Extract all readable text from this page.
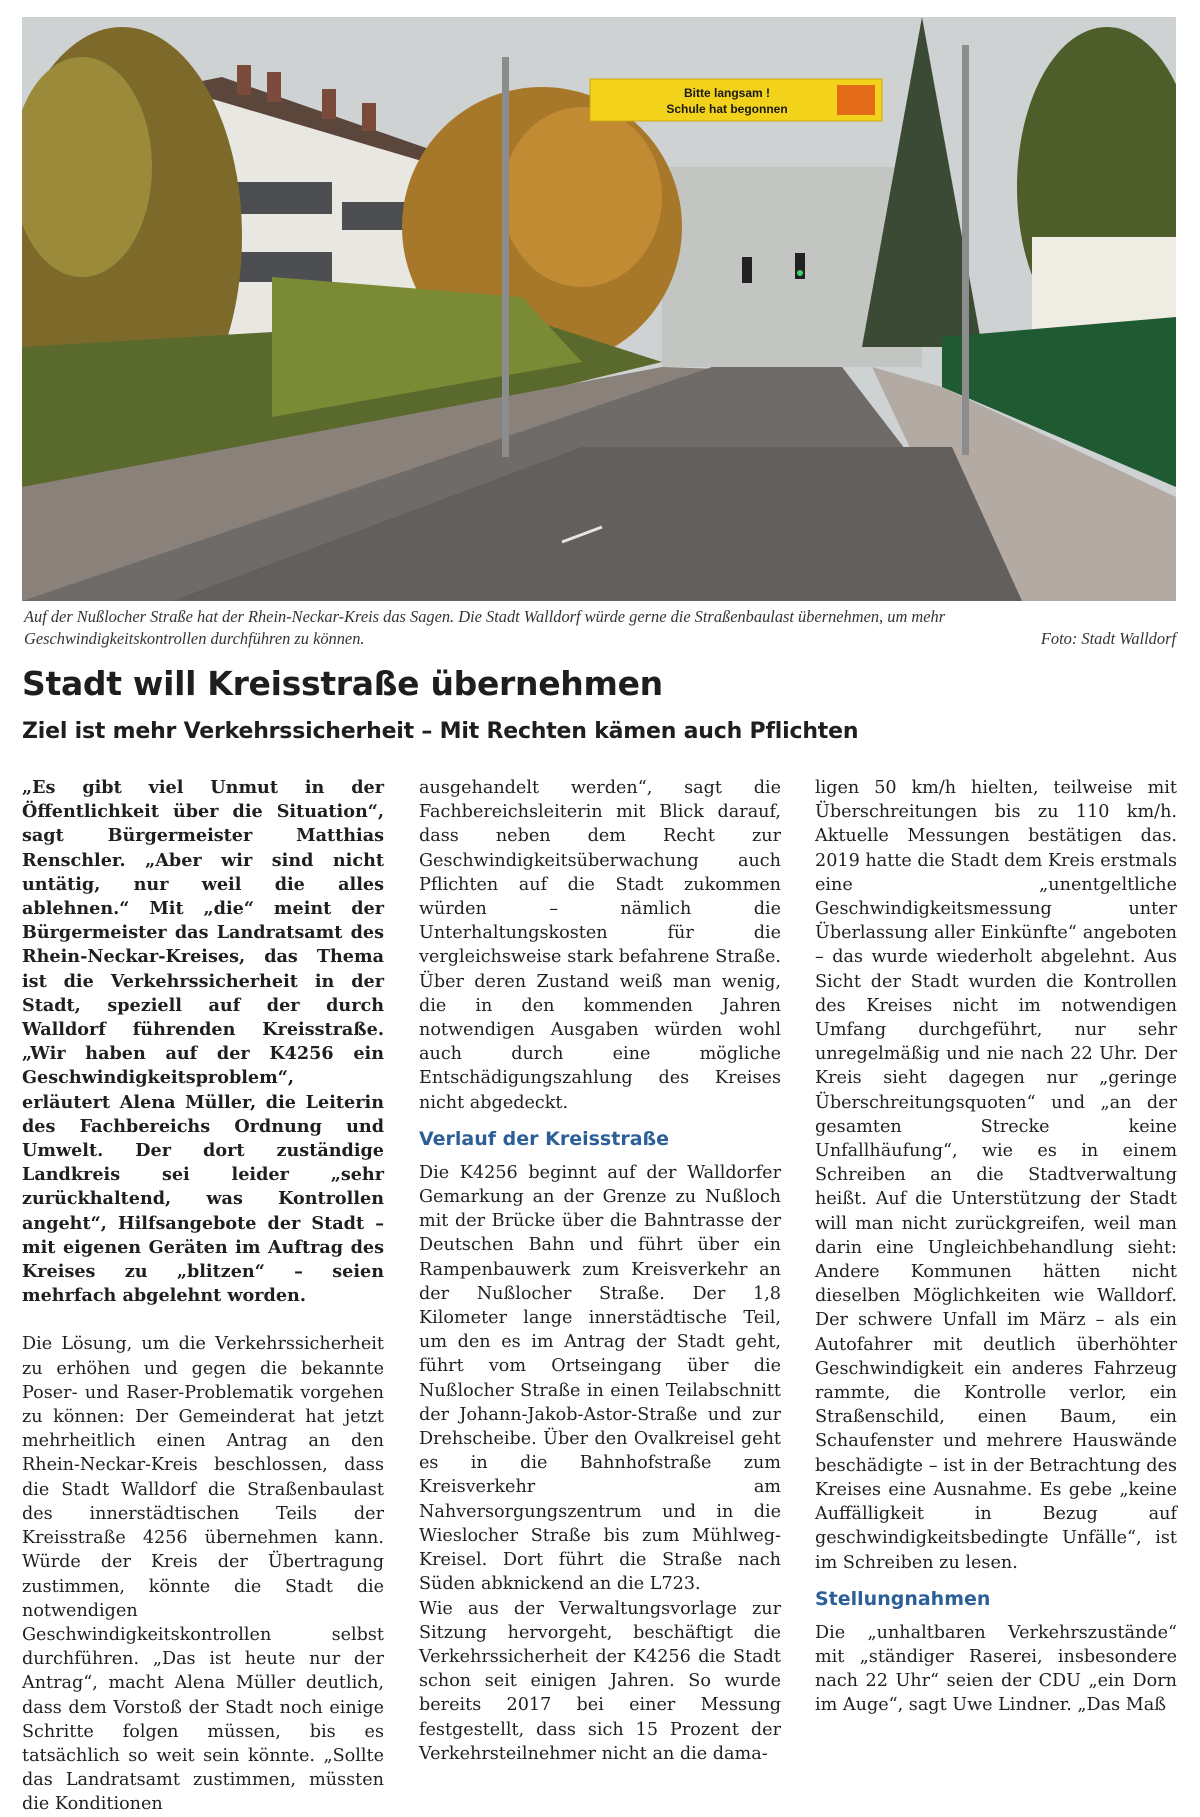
Bitte langsam !
Schule hat begonnen
Auf der Nußlocher Straße hat der Rhein-Neckar-Kreis das Sagen. Die Stadt Walldorf würde gerne die Straßenbaulast übernehmen, um mehr
Geschwindigkeitskontrollen durchführen zu können.	Foto: Stadt Walldorf
Stadt will Kreisstraße übernehmen
Ziel ist mehr Verkehrssicherheit – Mit Rechten kämen auch Pflichten

„Es gibt viel Unmut in der Öffentlichkeit über die Situation“, sagt Bürgermeister Matthias Renschler. „Aber wir sind nicht untätig, nur weil die alles ablehnen.“ Mit „die“ meint der Bürgermeister das Landratsamt des Rhein-Neckar-Kreises, das Thema ist die Verkehrssicherheit in der Stadt, speziell auf der durch Walldorf führenden Kreisstraße. „Wir haben auf der K4256 ein Geschwindigkeitsproblem“, erläutert Alena Müller, die Leiterin des Fachbereichs Ordnung und Umwelt. Der dort zuständige Landkreis sei leider „sehr zurückhaltend, was Kontrollen angeht“, Hilfsangebote der Stadt – mit eigenen Geräten im Auftrag des Kreises zu „blitzen“ – seien mehrfach abgelehnt worden.

Die Lösung, um die Verkehrssicherheit zu erhöhen und gegen die bekannte Poser- und Raser-Problematik vorgehen zu können: Der Gemeinderat hat jetzt mehrheitlich einen Antrag an den Rhein-Neckar-Kreis beschlossen, dass die Stadt Walldorf die Straßenbaulast des innerstädtischen Teils der Kreisstraße 4256 übernehmen kann. Würde der Kreis der Übertragung zustimmen, könnte die Stadt die notwendigen Geschwindigkeitskontrollen selbst durchführen. „Das ist heute nur der Antrag“, macht Alena Müller deutlich, dass dem Vorstoß der Stadt noch einige Schritte folgen müssen, bis es tatsächlich so weit sein könnte. „Sollte das Landratsamt zustimmen, müssten die Konditionen

ausgehandelt werden“, sagt die Fachbereichsleiterin mit Blick darauf, dass neben dem Recht zur Geschwindigkeitsüberwachung auch Pflichten auf die Stadt zukommen würden – nämlich die Unterhaltungskosten für die vergleichsweise stark befahrene Straße. Über deren Zustand weiß man wenig, die in den kommenden Jahren notwendigen Ausgaben würden wohl auch durch eine mögliche Entschädigungszahlung des Kreises nicht abgedeckt.

Verlauf der Kreisstraße

Die K4256 beginnt auf der Walldorfer Gemarkung an der Grenze zu Nußloch mit der Brücke über die Bahntrasse der Deutschen Bahn und führt über ein Rampenbauwerk zum Kreisverkehr an der Nußlocher Straße. Der 1,8 Kilometer lange innerstädtische Teil, um den es im Antrag der Stadt geht, führt vom Ortseingang über die Nußlocher Straße in einen Teilabschnitt der Johann-Jakob-Astor-Straße und zur Drehscheibe. Über den Ovalkreisel geht es in die Bahnhofstraße zum Kreisverkehr am Nahversorgungszentrum und in die Wieslocher Straße bis zum Mühlweg-Kreisel. Dort führt die Straße nach Süden abknickend an die L723.

Wie aus der Verwaltungsvorlage zur Sitzung hervorgeht, beschäftigt die Verkehrssicherheit der K4256 die Stadt schon seit einigen Jahren. So wurde bereits 2017 bei einer Messung festgestellt, dass sich 15 Prozent der Verkehrsteilnehmer nicht an die dama-

ligen 50 km/h hielten, teilweise mit Überschreitungen bis zu 110 km/h. Aktuelle Messungen bestätigen das. 2019 hatte die Stadt dem Kreis erstmals eine „unentgeltliche Geschwindigkeitsmessung unter Überlassung aller Einkünfte“ angeboten – das wurde wiederholt abgelehnt. Aus Sicht der Stadt wurden die Kontrollen des Kreises nicht im notwendigen Umfang durchgeführt, nur sehr unregelmäßig und nie nach 22 Uhr. Der Kreis sieht dagegen nur „geringe Überschreitungsquoten“ und „an der gesamten Strecke keine Unfallhäufung“, wie es in einem Schreiben an die Stadtverwaltung heißt. Auf die Unterstützung der Stadt will man nicht zurückgreifen, weil man darin eine Ungleichbehandlung sieht: Andere Kommunen hätten nicht dieselben Möglichkeiten wie Walldorf. Der schwere Unfall im März – als ein Autofahrer mit deutlich überhöhter Geschwindigkeit ein anderes Fahrzeug rammte, die Kontrolle verlor, ein Straßenschild, einen Baum, ein Schaufenster und mehrere Hauswände beschädigte – ist in der Betrachtung des Kreises eine Ausnahme. Es gebe „keine Auffälligkeit in Bezug auf geschwindigkeitsbedingte Unfälle“, ist im Schreiben zu lesen.

Stellungnahmen

Die „unhaltbaren Verkehrszustände“ mit „ständiger Raserei, insbesondere nach 22 Uhr“ seien der CDU „ein Dorn im Auge“, sagt Uwe Lindner. „Das Maß
